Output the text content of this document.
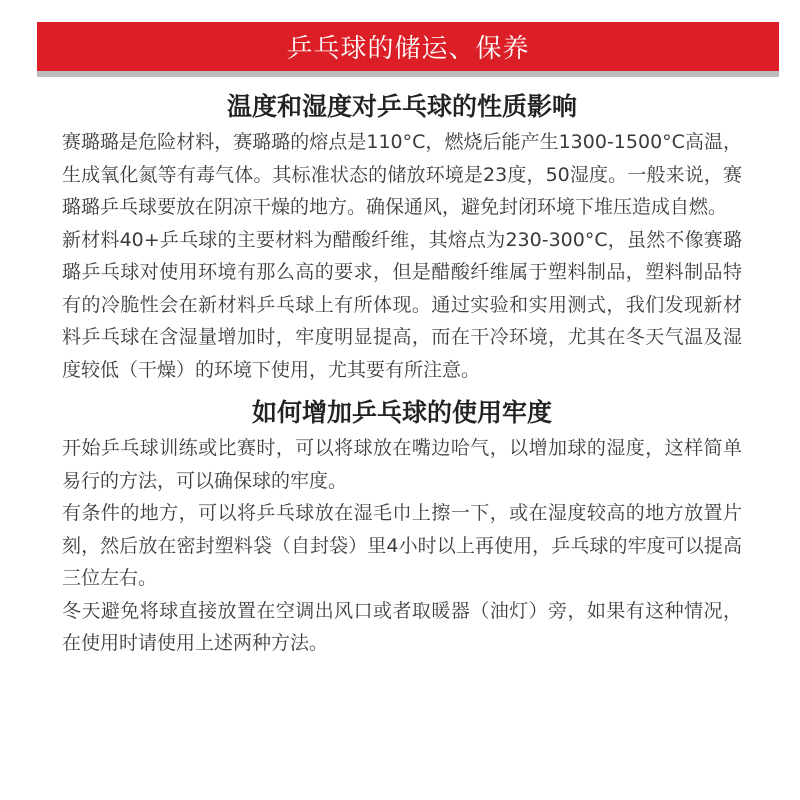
乒乓球的储运、保养
温度和湿度对乒乓球的性质影响

赛璐璐是危险材料，赛璐璐的熔点是110°C，燃烧后能产生1300-1500°C高温，生成氧化氮等有毒气体。其标准状态的储放环境是23度，50湿度。一般来说，赛璐璐乒乓球要放在阴凉干燥的地方。确保通风，避免封闭环境下堆压造成自燃。

新材料40+乒乓球的主要材料为醋酸纤维，其熔点为230-300°C，虽然不像赛璐璐乒乓球对使用环境有那么高的要求，但是醋酸纤维属于塑料制品，塑料制品特有的冷脆性会在新材料乒乓球上有所体现。通过实验和实用测式，我们发现新材料乒乓球在含湿量增加时，牢度明显提高，而在干冷环境，尤其在冬天气温及湿度较低（干燥）的环境下使用，尤其要有所注意。

如何增加乒乓球的使用牢度

开始乒乓球训练或比赛时，可以将球放在嘴边哈气，以增加球的湿度，这样简单易行的方法，可以确保球的牢度。

有条件的地方，可以将乒乓球放在湿毛巾上擦一下，或在湿度较高的地方放置片刻，然后放在密封塑料袋（自封袋）里4小时以上再使用，乒乓球的牢度可以提高三位左右。

冬天避免将球直接放置在空调出风口或者取暖器（油灯）旁，如果有这种情况，在使用时请使用上述两种方法。
